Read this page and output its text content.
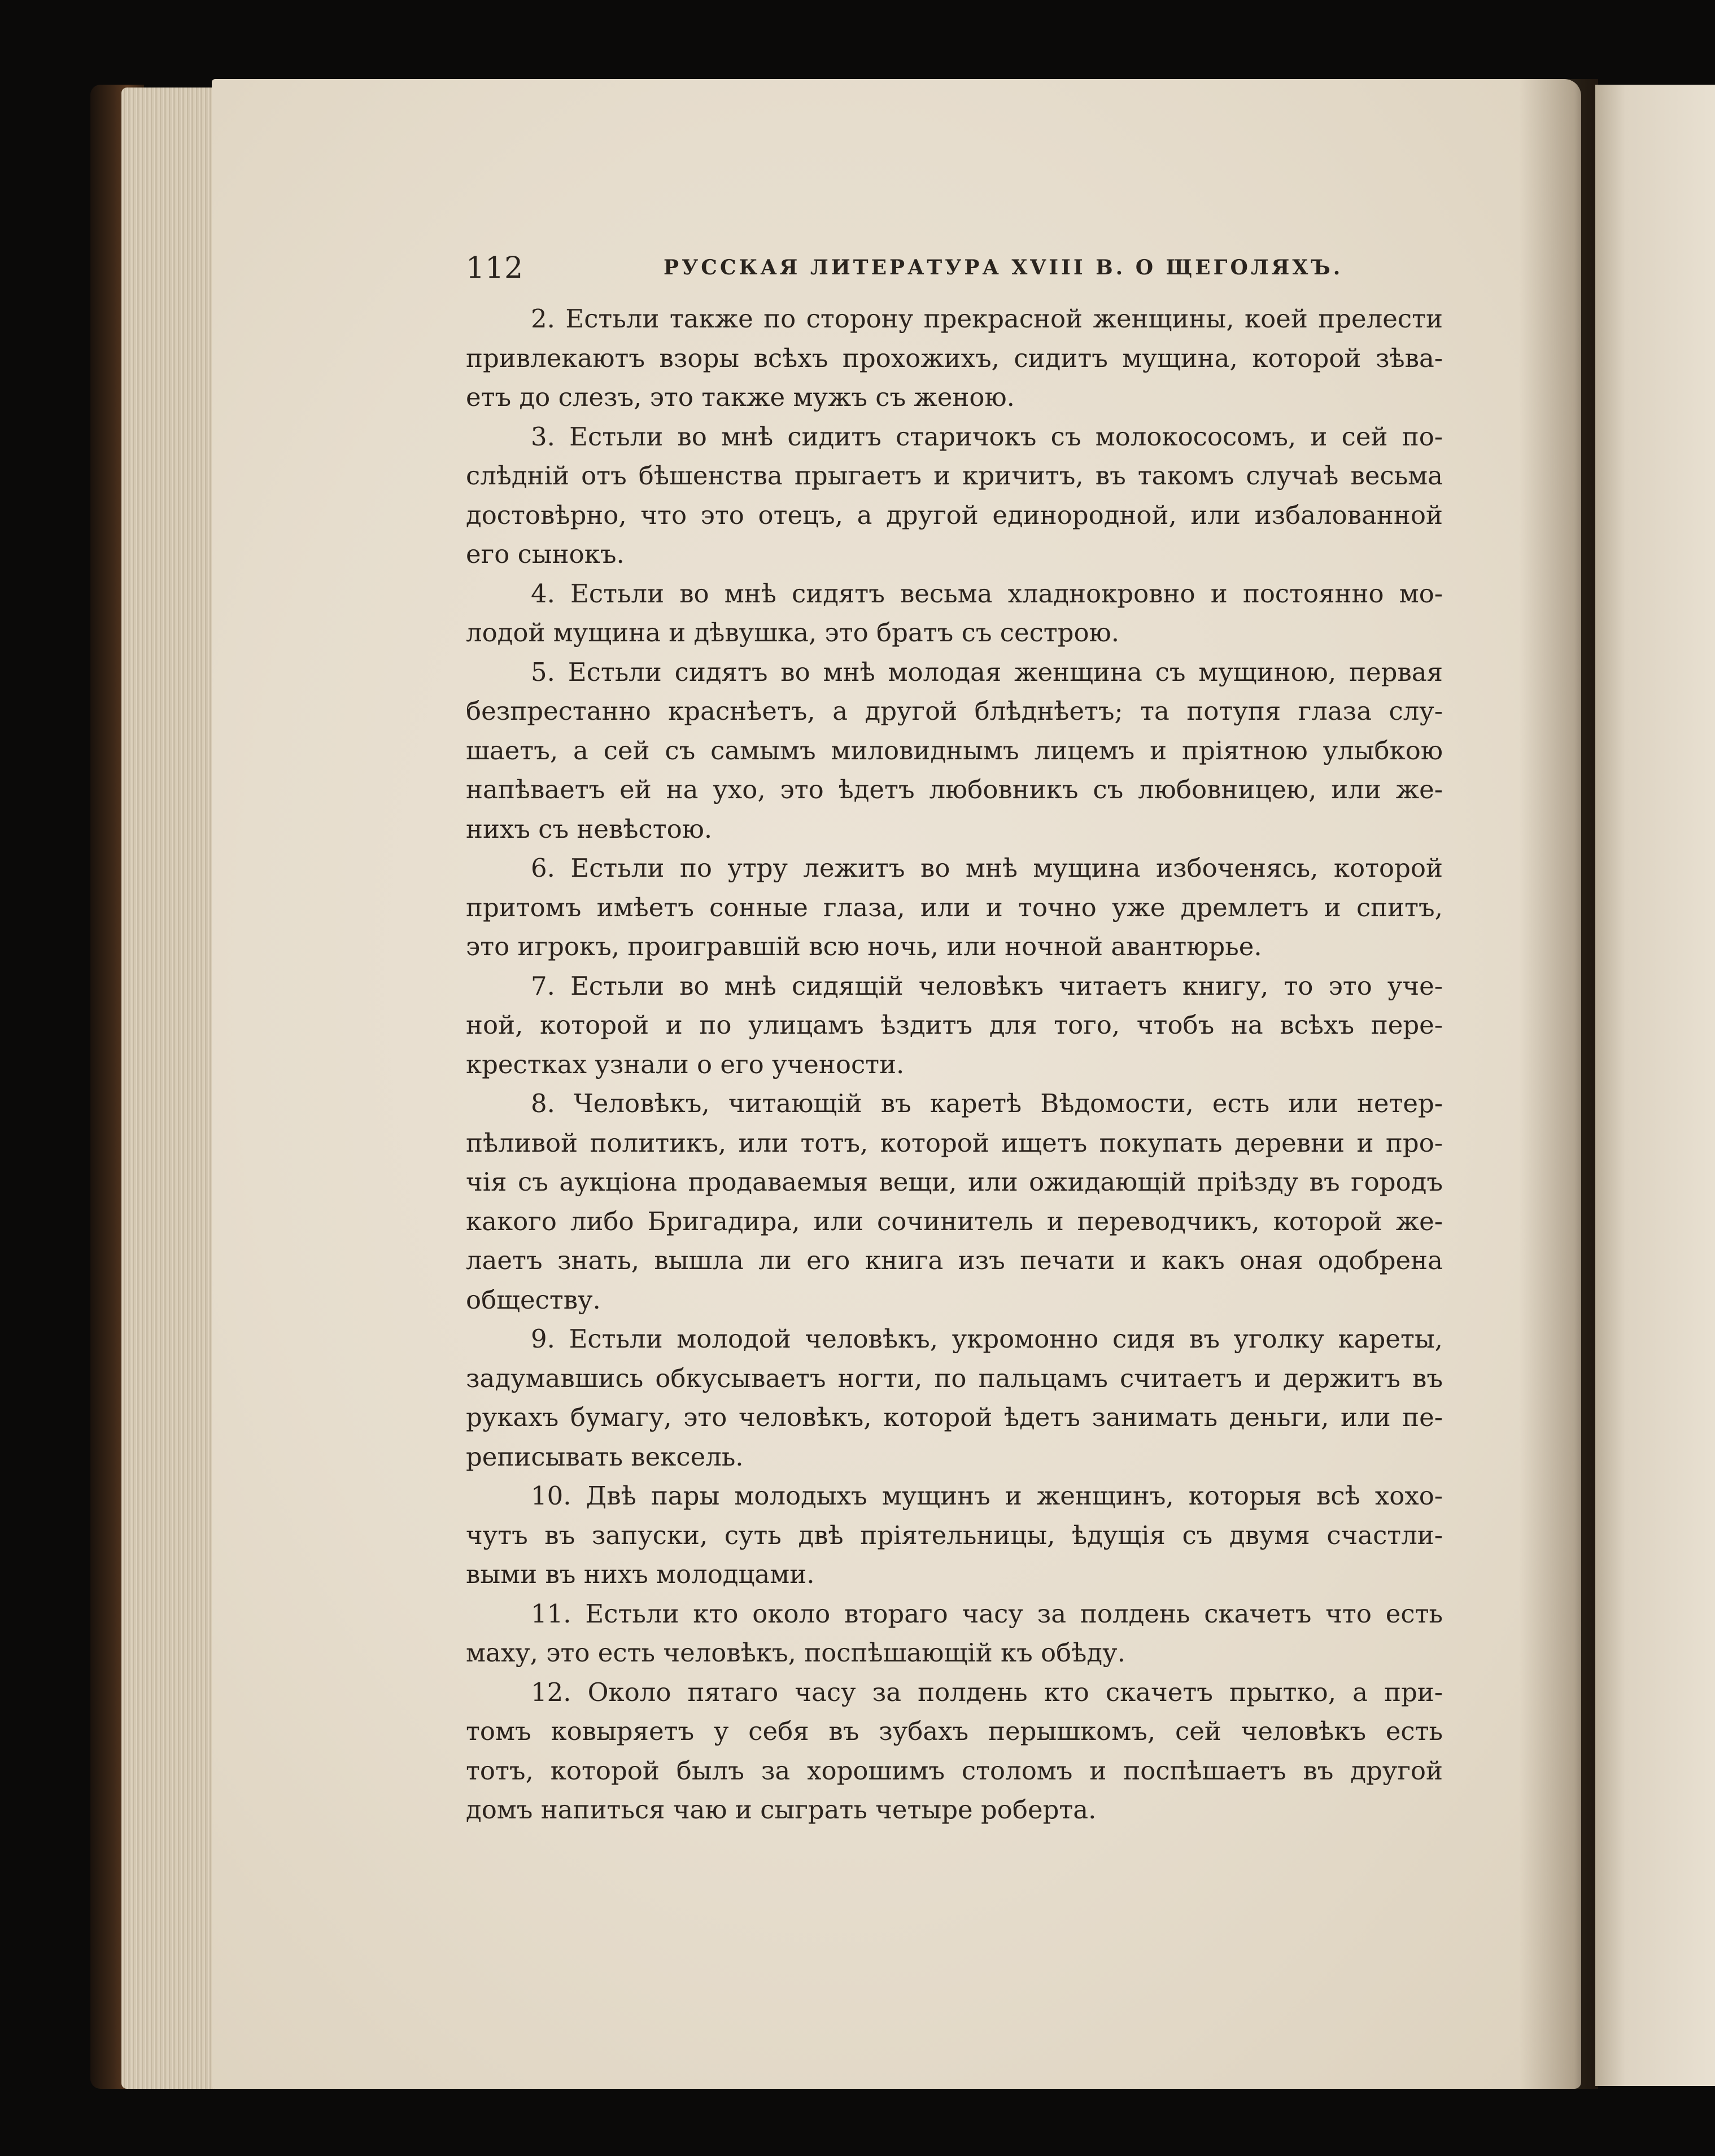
112	РУССКАЯ ЛИТЕРАТУРА XVIII В. О ЩЕГОЛЯХЪ.
2. Естьли также по сторону прекрасной женщины, коей прелести
привлекаютъ взоры всѣхъ прохожихъ, сидитъ мущина, которой зѣва-
етъ до слезъ, это также мужъ съ женою.
3. Естьли во мнѣ сидитъ старичокъ съ молокососомъ, и сей по-
слѣднiй отъ бѣшенства прыгаетъ и кричитъ, въ такомъ случаѣ весьма
достовѣрно, что это отецъ, а другой единородной, или избалованной
его сынокъ.
4. Естьли во мнѣ сидятъ весьма хладнокровно и постоянно мо-
лодой мущина и дѣвушка, это братъ съ сестрою.
5. Естьли сидятъ во мнѣ молодая женщина съ мущиною, первая
безпрестанно краснѣетъ, а другой блѣднѣетъ; та потупя глаза слу-
шаетъ, а сей съ самымъ миловиднымъ лицемъ и прiятною улыбкою
напѣваетъ ей на ухо, это ѣдетъ любовникъ съ любовницею, или же-
нихъ съ невѣстою.
6. Естьли по утру лежитъ во мнѣ мущина избоченясь, которой
притомъ имѣетъ сонные глаза, или и точно уже дремлетъ и спитъ,
это игрокъ, проигравшiй всю ночь, или ночной авантюрье.
7. Естьли во мнѣ сидящiй человѣкъ читаетъ книгу, то это уче-
ной, которой и по улицамъ ѣздитъ для того, чтобъ на всѣхъ пере-
крестках узнали о его учености.
8. Человѣкъ, читающiй въ каретѣ Вѣдомости, есть или нетер-
пѣливой политикъ, или тотъ, которой ищетъ покупать деревни и про-
чiя съ аукцiона продаваемыя вещи, или ожидающiй прiѣзду въ городъ
какого либо Бригадира, или сочинитель и переводчикъ, которой же-
лаетъ знать, вышла ли его книга изъ печати и какъ оная одобрена
обществу.
9. Естьли молодой человѣкъ, укромонно сидя въ уголку кареты,
задумавшись обкусываетъ ногти, по пальцамъ считаетъ и держитъ въ
рукахъ бумагу, это человѣкъ, которой ѣдетъ занимать деньги, или пе-
реписывать вексель.
10. Двѣ пары молодыхъ мущинъ и женщинъ, которыя всѣ хохо-
чутъ въ запуски, суть двѣ прiятельницы, ѣдущiя съ двумя счастли-
выми въ нихъ молодцами.
11. Естьли кто около втораго часу за полдень скачетъ что есть
маху, это есть человѣкъ, поспѣшающiй къ обѣду.
12. Около пятаго часу за полдень кто скачетъ прытко, а при-
томъ ковыряетъ у себя въ зубахъ перышкомъ, сей человѣкъ есть
тотъ, которой былъ за хорошимъ столомъ и поспѣшаетъ въ другой
домъ напиться чаю и сыграть четыре роберта.
